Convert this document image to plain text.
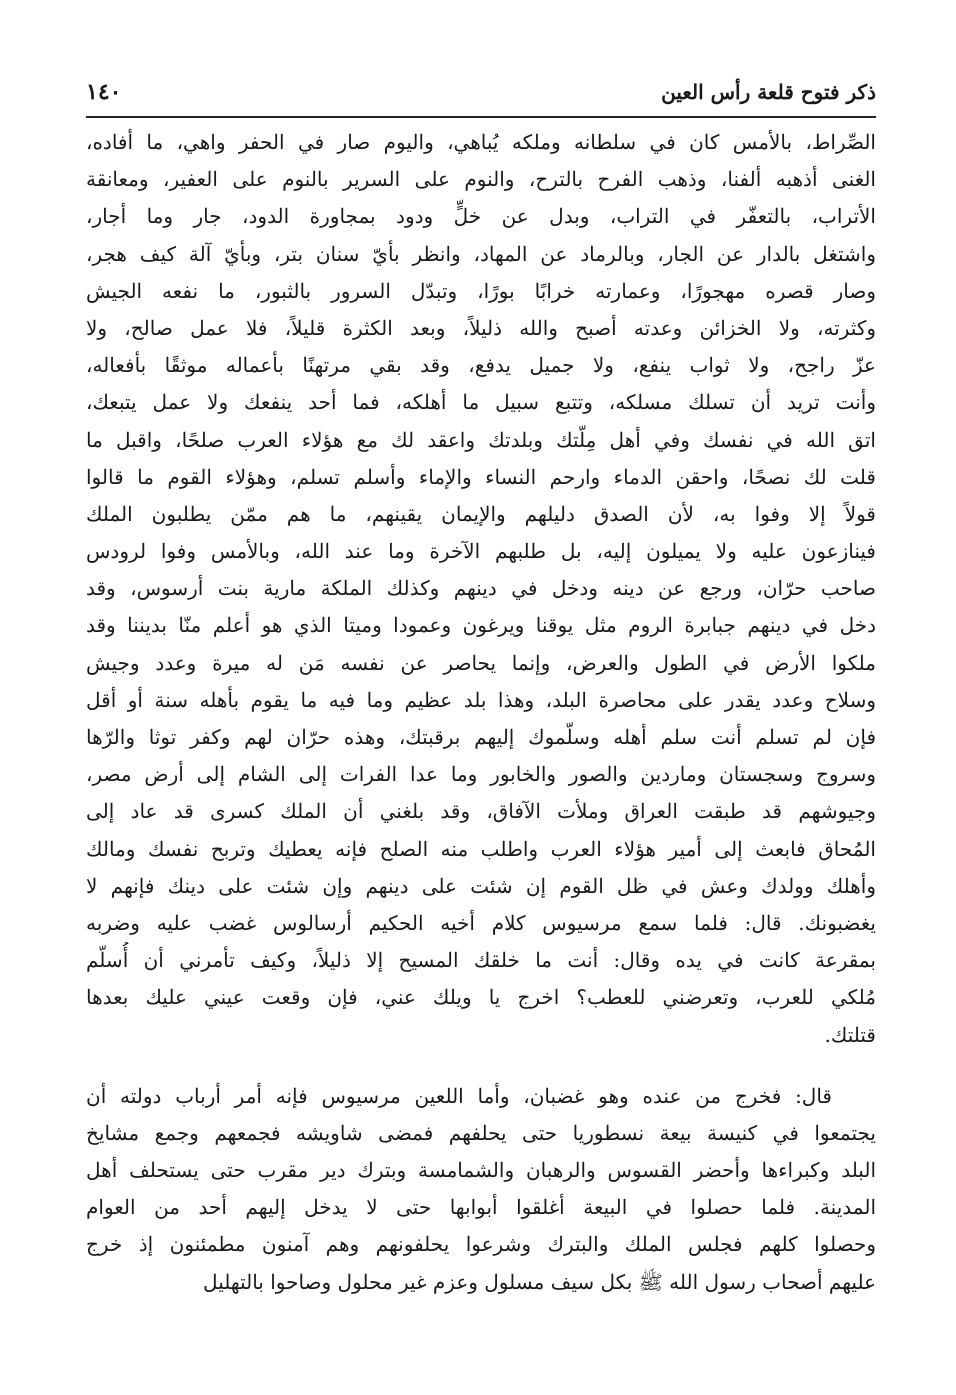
ذكر فتوح قلعة رأس العين
١٤٠
الصِّراط، بالأمس كان في سلطانه وملكه يُباهي، واليوم صار في الحفر واهي، ما أفاده،
الغنى أذهبه ألفنا، وذهب الفرح بالترح، والنوم على السرير بالنوم على العفير، ومعانقة
الأتراب، بالتعفّر في التراب، وبدل عن خلٍّ ودود بمجاورة الدود، جار وما أجار،
واشتغل بالدار عن الجار، وبالرماد عن المهاد، وانظر بأيّ سنان بتر، وبأيّ آلة كيف هجر،
وصار قصره مهجورًا، وعمارته خرابًا بورًا، وتبدّل السرور بالثبور، ما نفعه الجيش
وكثرته، ولا الخزائن وعدته أصبح والله ذليلاً، وبعد الكثرة قليلاً، فلا عمل صالح، ولا
عزّ راجح، ولا ثواب ينفع، ولا جميل يدفع، وقد بقي مرتهنًا بأعماله موثقًا بأفعاله،
وأنت تريد أن تسلك مسلكه، وتتبع سبيل ما أهلكه، فما أحد ينفعك ولا عمل يتبعك،
اتق الله في نفسك وفي أهل مِلّتك وبلدتك واعقد لك مع هؤلاء العرب صلحًا، واقبل ما
قلت لك نصحًا، واحقن الدماء وارحم النساء والإماء وأسلم تسلم، وهؤلاء القوم ما قالوا
قولاً إلا وفوا به، لأن الصدق دليلهم والإيمان يقينهم، ما هم ممّن يطلبون الملك
فينازعون عليه ولا يميلون إليه، بل طلبهم الآخرة وما عند الله، وبالأمس وفوا لرودس
صاحب حرّان، ورجع عن دينه ودخل في دينهم وكذلك الملكة مارية بنت أرسوس، وقد
دخل في دينهم جبابرة الروم مثل يوقنا ويرغون وعمودا وميتا الذي هو أعلم منّا بديننا وقد
ملكوا الأرض في الطول والعرض، وإنما يحاصر عن نفسه مَن له ميرة وعدد وجيش
وسلاح وعدد يقدر على محاصرة البلد، وهذا بلد عظيم وما فيه ما يقوم بأهله سنة أو أقل
فإن لم تسلم أنت سلم أهله وسلّموك إليهم برقبتك، وهذه حرّان لهم وكفر توثا والرّها
وسروج وسجستان وماردين والصور والخابور وما عدا الفرات إلى الشام إلى أرض مصر،
وجيوشهم قد طبقت العراق وملأت الآفاق، وقد بلغني أن الملك كسرى قد عاد إلى
المُحاق فابعث إلى أمير هؤلاء العرب واطلب منه الصلح فإنه يعطيك وتربح نفسك ومالك
وأهلك وولدك وعش في ظل القوم إن شئت على دينهم وإن شئت على دينك فإنهم لا
يغضبونك. قال: فلما سمع مرسيوس كلام أخيه الحكيم أرسالوس غضب عليه وضربه
بمقرعة كانت في يده وقال: أنت ما خلقك المسيح إلا ذليلاً، وكيف تأمرني أن أُسلّم
مُلكي للعرب، وتعرضني للعطب؟ اخرج يا ويلك عني، فإن وقعت عيني عليك بعدها
قتلتك.
قال: فخرج من عنده وهو غضبان، وأما اللعين مرسيوس فإنه أمر أرباب دولته أن
يجتمعوا في كنيسة بيعة نسطوريا حتى يحلفهم فمضى شاويشه فجمعهم وجمع مشايخ
البلد وكبراءها وأحضر القسوس والرهبان والشمامسة وبترك دير مقرب حتى يستحلف أهل
المدينة. فلما حصلوا في البيعة أغلقوا أبوابها حتى لا يدخل إليهم أحد من العوام
وحصلوا كلهم فجلس الملك والبترك وشرعوا يحلفونهم وهم آمنون مطمئنون إذ خرج
عليهم أصحاب رسول الله ﷺ بكل سيف مسلول وعزم غير محلول وصاحوا بالتهليل
